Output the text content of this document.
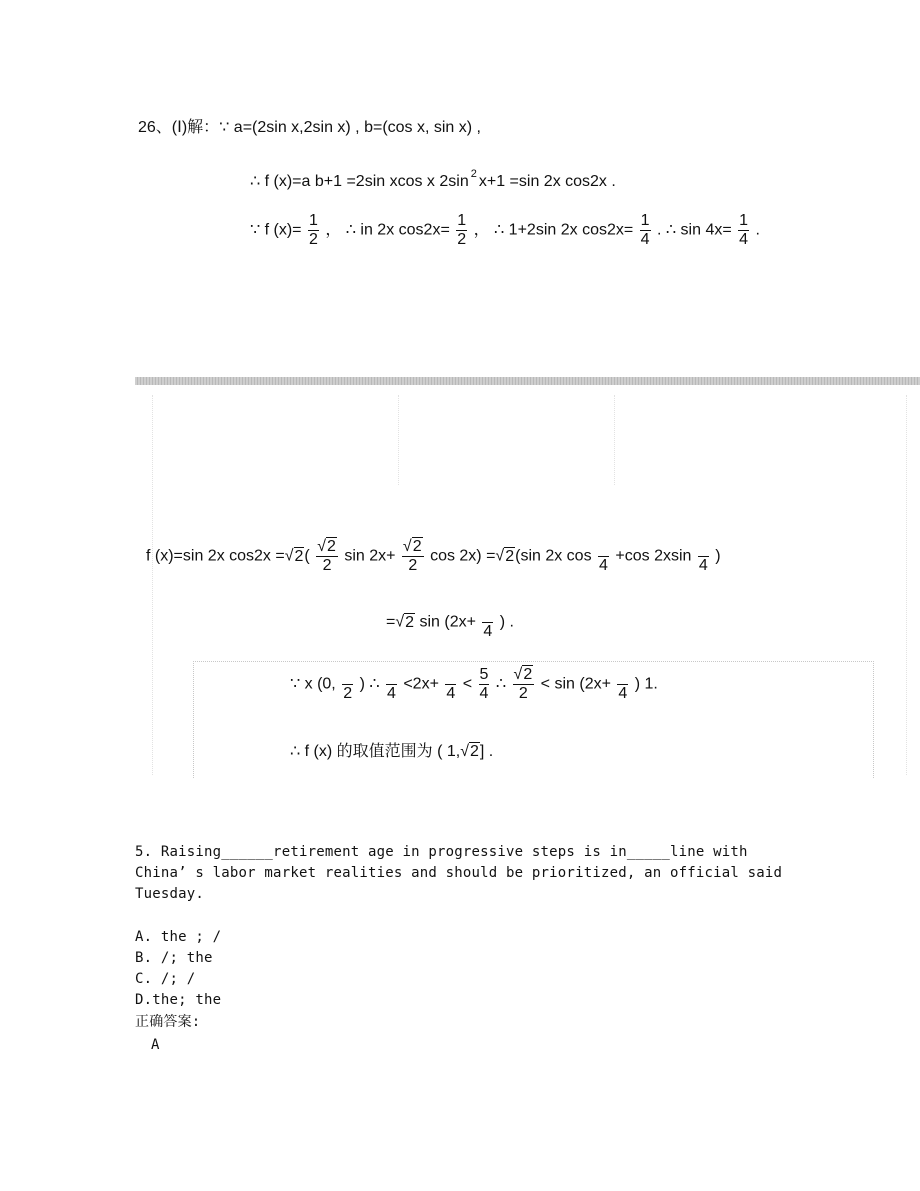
26、(Ⅰ)解：∵ a=(2sin x,2sin x) , b=(cos x, sin x) ,
∴ f (x)=a b+1 =2sin xcos x 2sin $^2$ x+1 =sin 2x cos2x .
∵ f $(x)= \frac{1}{2}$ ， ∴ in 2x $\cos 2x= \frac{1}{2}$ ， ∴ 1+2sin 2x $\cos 2x= \frac{1}{4}$ . ∴ $\sin 4x= \frac{1}{4}$ .
f (x)=sin 2x $\cos 2x =√2( \frac{√2}{2}$ $\sin 2x+ \frac{√2}{2}$ cos 2x) =√2(sin 2x cos
4
+cos 2xsin
4
)
=√2 sin (2x+
4
) .
∵ x (0,
2
) ∴
4
<2x+
4
< $\frac{5}{4}$ ∴ $\frac{√2}{2} < \sin (2x+$
4
) 1.
∴ f (x) 的取值范围为 ( 1,√2] .
5. Raising______retirement age in progressive steps is in_____line with
China’ s labor market realities and should be prioritized, an official said
Tuesday.
A. the ; /
B. /; the
C. /; /
D.the; the
正确答案:
A
